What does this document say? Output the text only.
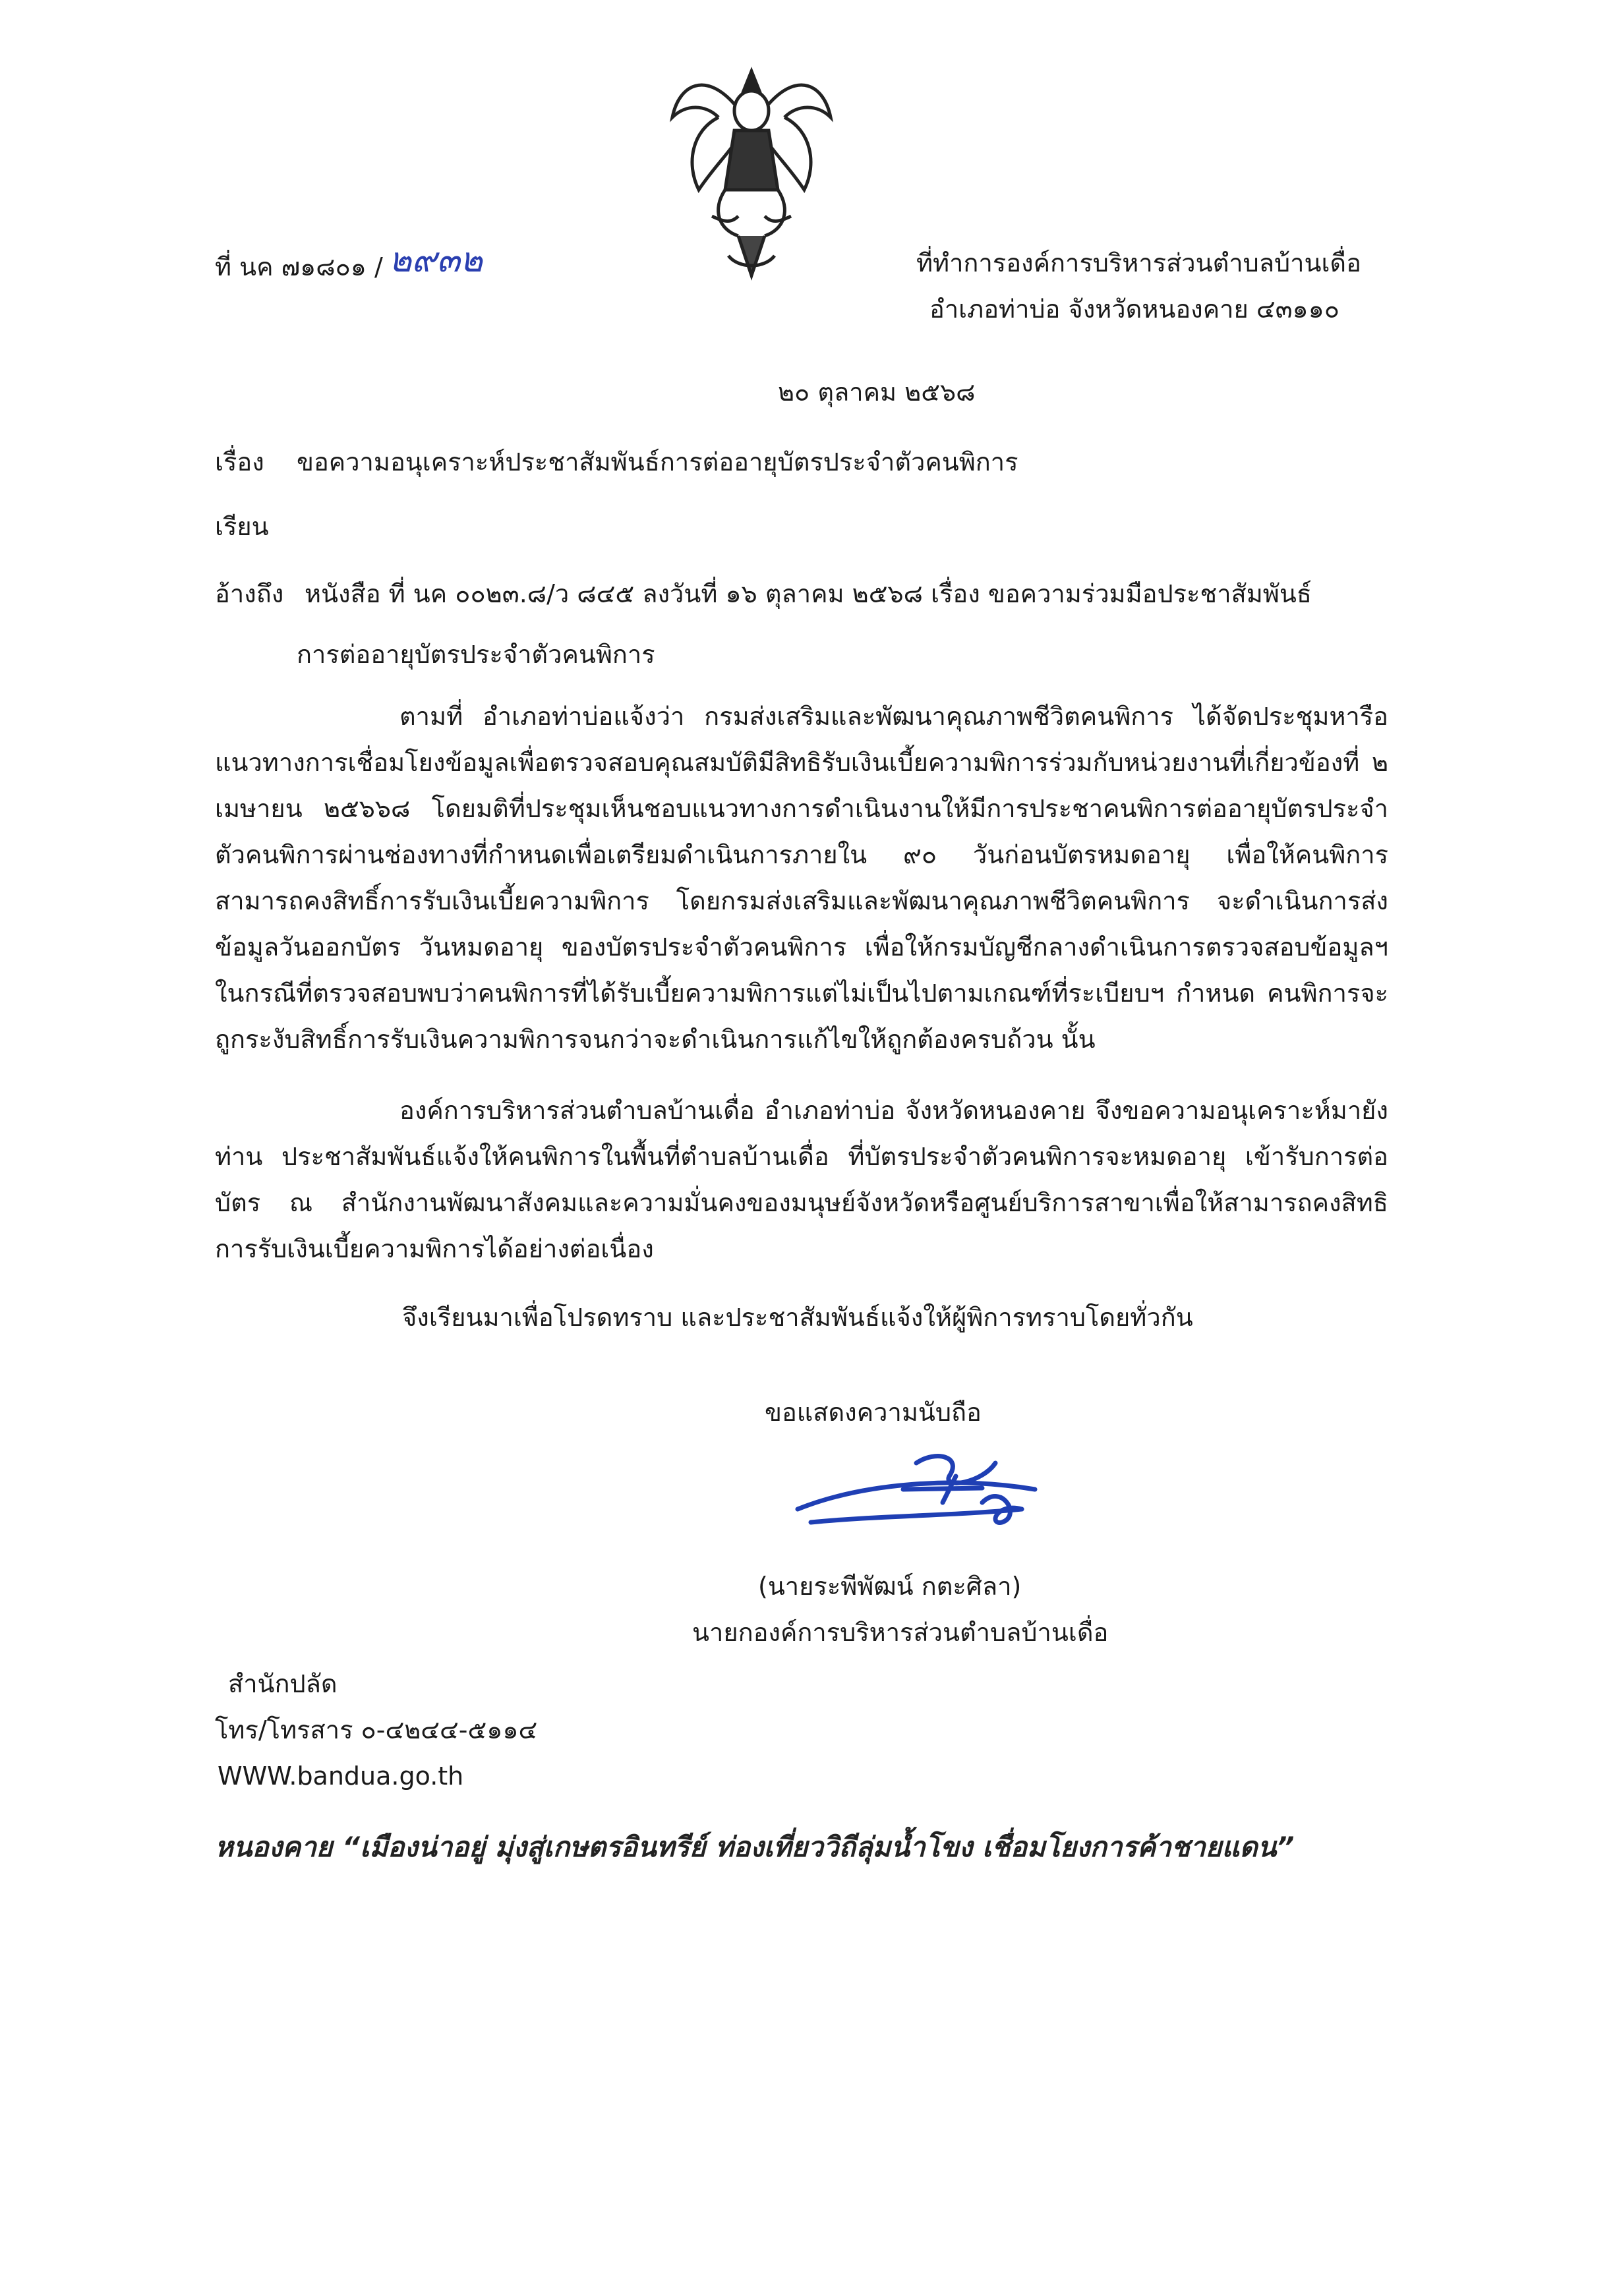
ที่ นค ๗๑๘๐๑ / ๒๙๓๒	ที่ทำการองค์การบริหารส่วนตำบลบ้านเดื่อ
อำเภอท่าบ่อ จังหวัดหนองคาย ๔๓๑๑๐
๒๐ ตุลาคม ๒๕๖๘
เรื่อง ขอความอนุเคราะห์ประชาสัมพันธ์การต่ออายุบัตรประจำตัวคนพิการ
เรียน
อ้างถึง หนังสือ ที่ นค ๐๐๒๓.๘/ว ๘๔๕ ลงวันที่ ๑๖ ตุลาคม ๒๕๖๘ เรื่อง ขอความร่วมมือประชาสัมพันธ์
การต่ออายุบัตรประจำตัวคนพิการ
ตามที่ อำเภอท่าบ่อแจ้งว่า กรมส่งเสริมและพัฒนาคุณภาพชีวิตคนพิการ ได้จัดประชุมหารือแนวทางการเชื่อมโยงข้อมูลเพื่อตรวจสอบคุณสมบัติมีสิทธิรับเงินเบี้ยความพิการร่วมกับหน่วยงานที่เกี่ยวข้องที่ ๒ เมษายน ๒๕๖๖๘ โดยมติที่ประชุมเห็นชอบแนวทางการดำเนินงานให้มีการประชาคนพิการต่ออายุบัตรประจำตัวคนพิการผ่านช่องทางที่กำหนดเพื่อเตรียมดำเนินการภายใน ๙๐ วันก่อนบัตรหมดอายุ เพื่อให้คนพิการสามารถคงสิทธิ์การรับเงินเบี้ยความพิการ โดยกรมส่งเสริมและพัฒนาคุณภาพชีวิตคนพิการ จะดำเนินการส่งข้อมูลวันออกบัตร วันหมดอายุ ของบัตรประจำตัวคนพิการ เพื่อให้กรมบัญชีกลางดำเนินการตรวจสอบข้อมูลฯ ในกรณีที่ตรวจสอบพบว่าคนพิการที่ได้รับเบี้ยความพิการแต่ไม่เป็นไปตามเกณฑ์ที่ระเบียบฯ กำหนด คนพิการจะถูกระงับสิทธิ์การรับเงินความพิการจนกว่าจะดำเนินการแก้ไขให้ถูกต้องครบถ้วน นั้น
องค์การบริหารส่วนตำบลบ้านเดื่อ อำเภอท่าบ่อ จังหวัดหนองคาย จึงขอความอนุเคราะห์มายังท่าน ประชาสัมพันธ์แจ้งให้คนพิการในพื้นที่ตำบลบ้านเดื่อ ที่บัตรประจำตัวคนพิการจะหมดอายุ เข้ารับการต่อบัตร ณ สำนักงานพัฒนาสังคมและความมั่นคงของมนุษย์จังหวัดหรือศูนย์บริการสาขาเพื่อให้สามารถคงสิทธิการรับเงินเบี้ยความพิการได้อย่างต่อเนื่อง
จึงเรียนมาเพื่อโปรดทราบ และประชาสัมพันธ์แจ้งให้ผู้พิการทราบโดยทั่วกัน
ขอแสดงความนับถือ
(นายระพีพัฒน์ กตะศิลา)
นายกองค์การบริหารส่วนตำบลบ้านเดื่อ
สำนักปลัด
โทร/โทรสาร ๐-๔๒๔๔-๕๑๑๔
WWW.bandua.go.th
หนองคาย “เมืองน่าอยู่ มุ่งสู่เกษตรอินทรีย์ ท่องเที่ยววิถีลุ่มน้ำโขง เชื่อมโยงการค้าชายแดน”
